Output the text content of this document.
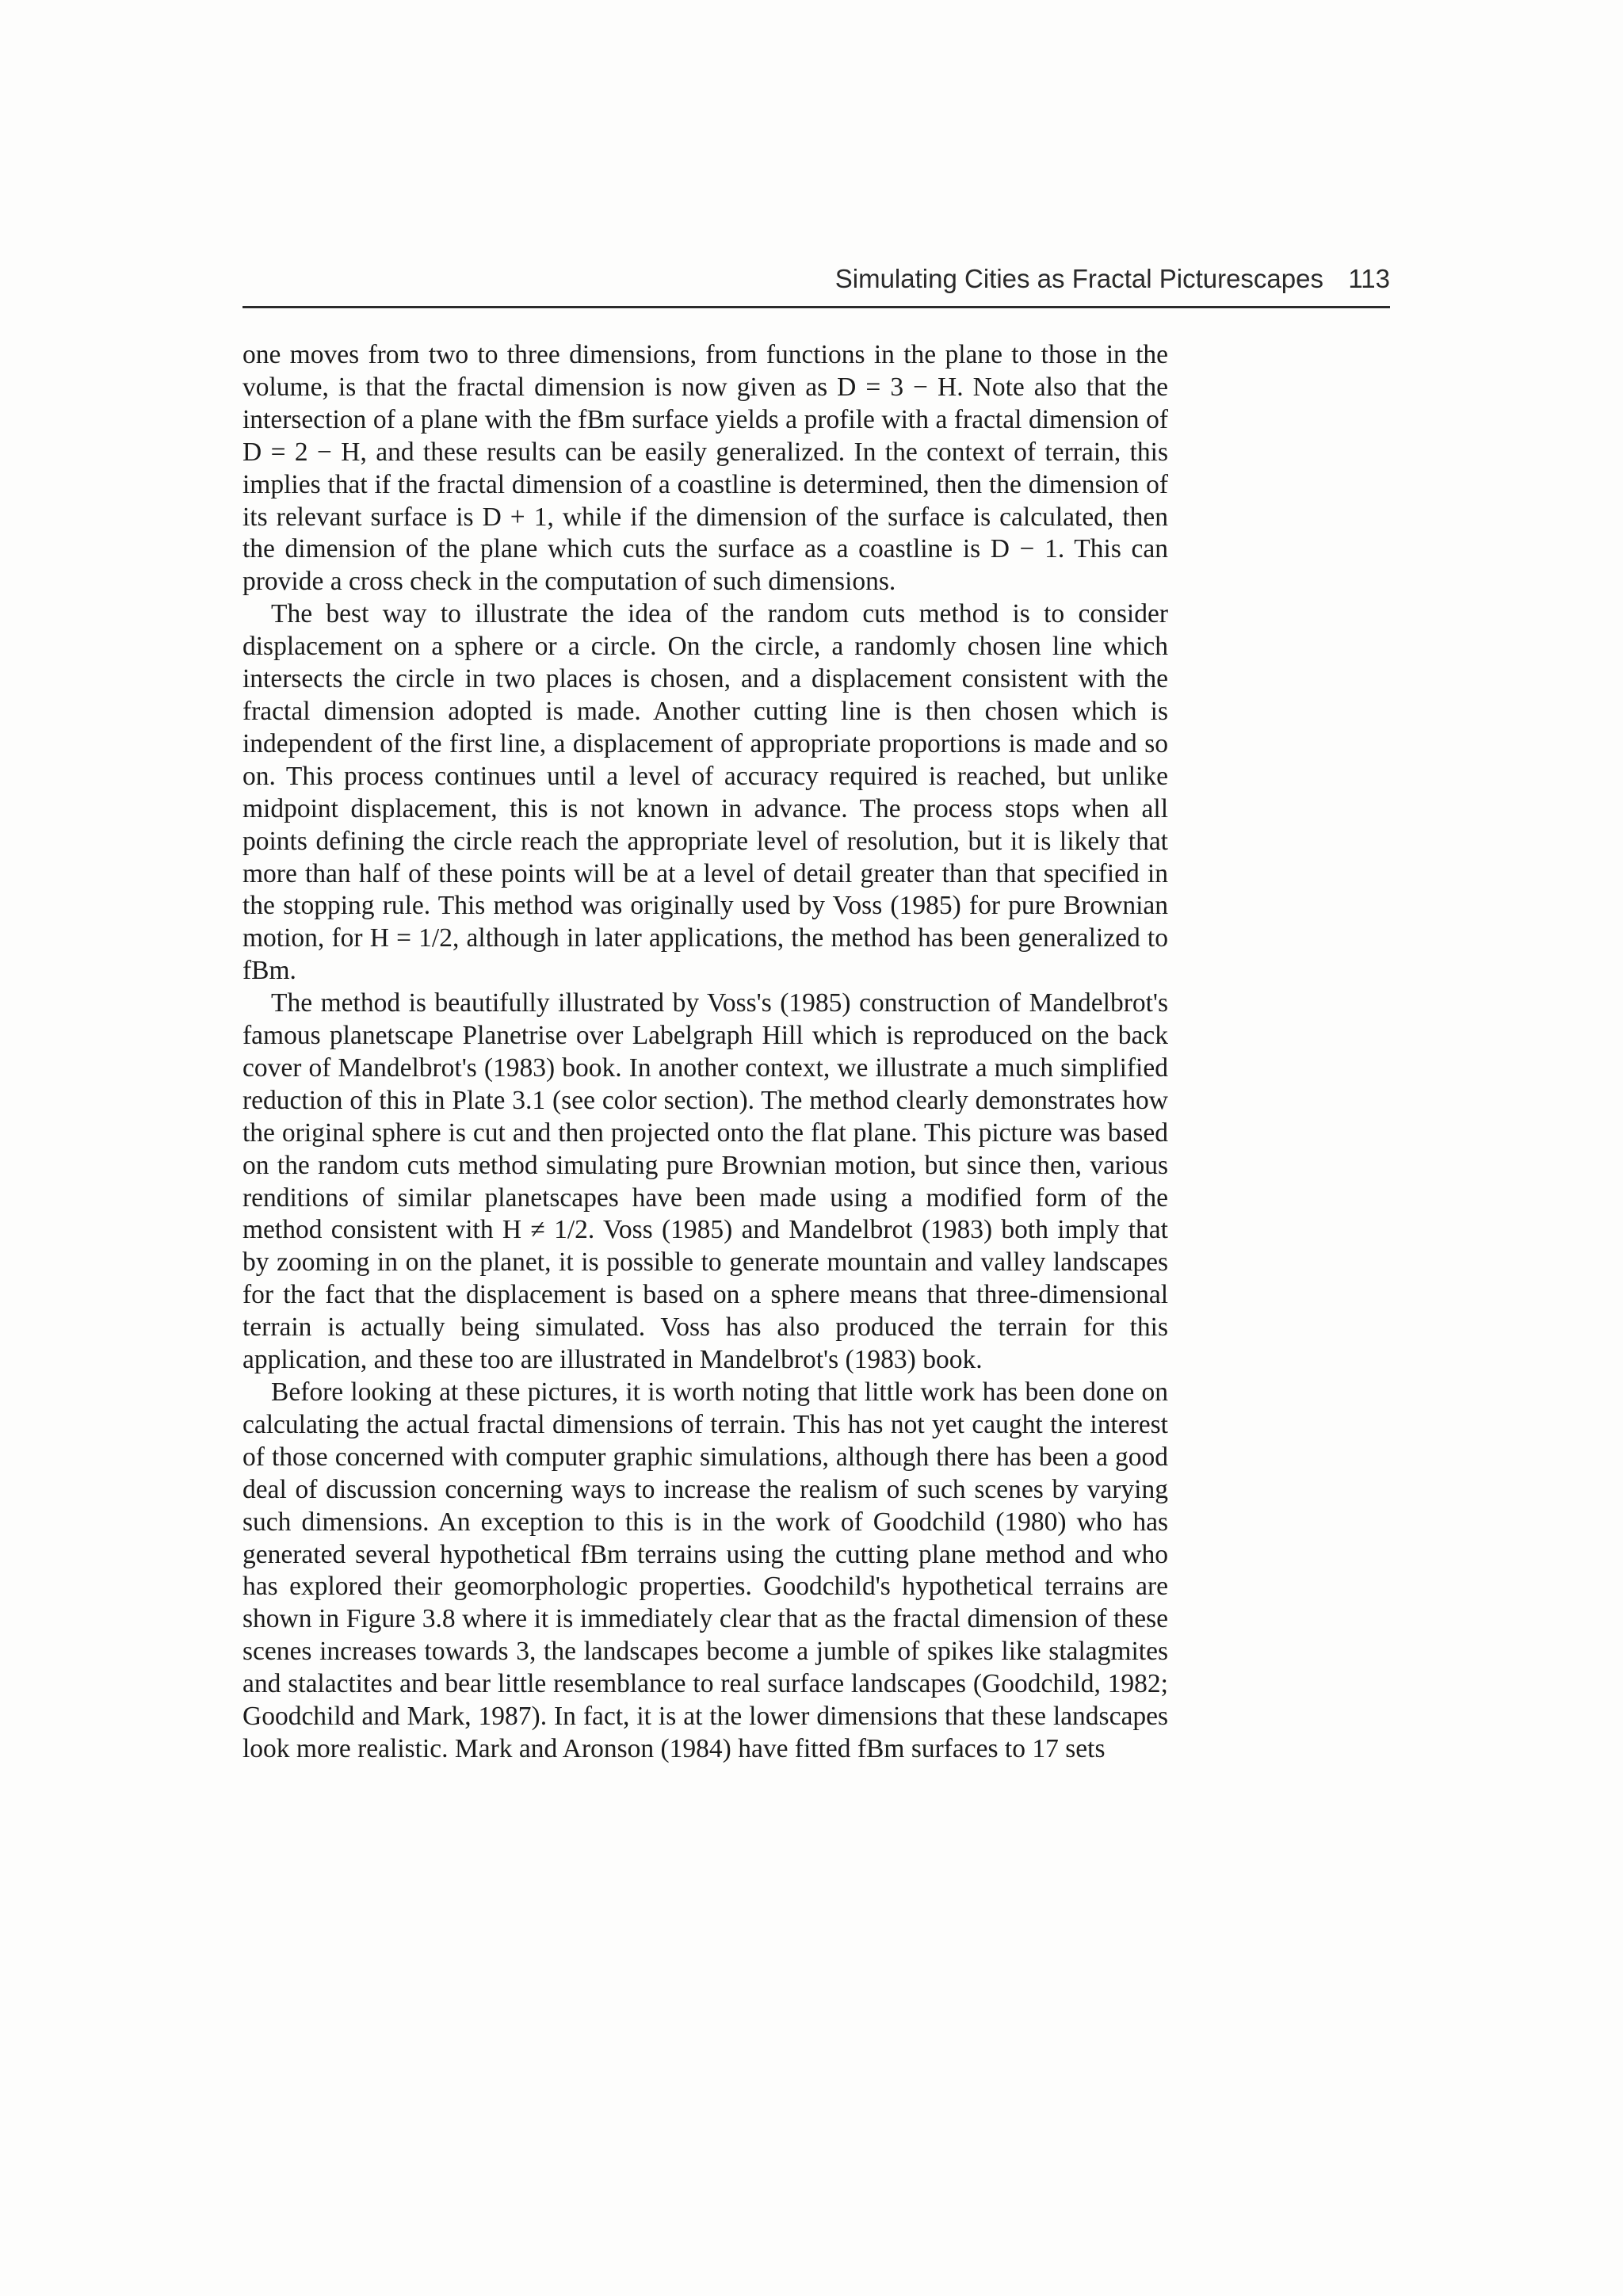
Simulating Cities as Fractal Picturescapes 113

one moves from two to three dimensions, from functions in the plane to those in the volume, is that the fractal dimension is now given as D = 3 − H. Note also that the intersection of a plane with the fBm surface yields a profile with a fractal dimension of D = 2 − H, and these results can be easily generalized. In the context of terrain, this implies that if the fractal dimension of a coastline is determined, then the dimension of its relevant surface is D + 1, while if the dimension of the surface is calculated, then the dimension of the plane which cuts the surface as a coastline is D − 1. This can provide a cross check in the computation of such dimensions.

The best way to illustrate the idea of the random cuts method is to consider displacement on a sphere or a circle. On the circle, a randomly chosen line which intersects the circle in two places is chosen, and a displacement consistent with the fractal dimension adopted is made. Another cutting line is then chosen which is independent of the first line, a displacement of appropriate proportions is made and so on. This process continues until a level of accuracy required is reached, but unlike midpoint displacement, this is not known in advance. The process stops when all points defining the circle reach the appropriate level of resolution, but it is likely that more than half of these points will be at a level of detail greater than that specified in the stopping rule. This method was originally used by Voss (1985) for pure Brownian motion, for H = 1/2, although in later applications, the method has been generalized to fBm.

The method is beautifully illustrated by Voss's (1985) construction of Mandelbrot's famous planetscape Planetrise over Labelgraph Hill which is reproduced on the back cover of Mandelbrot's (1983) book. In another context, we illustrate a much simplified reduction of this in Plate 3.1 (see color section). The method clearly demonstrates how the original sphere is cut and then projected onto the flat plane. This picture was based on the random cuts method simulating pure Brownian motion, but since then, various renditions of similar planetscapes have been made using a modified form of the method consistent with H ≠ 1/2. Voss (1985) and Mandelbrot (1983) both imply that by zooming in on the planet, it is possible to generate mountain and valley landscapes for the fact that the displacement is based on a sphere means that three-dimensional terrain is actually being simulated. Voss has also produced the terrain for this application, and these too are illustrated in Mandelbrot's (1983) book.

Before looking at these pictures, it is worth noting that little work has been done on calculating the actual fractal dimensions of terrain. This has not yet caught the interest of those concerned with computer graphic simulations, although there has been a good deal of discussion concerning ways to increase the realism of such scenes by varying such dimensions. An exception to this is in the work of Goodchild (1980) who has generated several hypothetical fBm terrains using the cutting plane method and who has explored their geomorphologic properties. Goodchild's hypothetical terrains are shown in Figure 3.8 where it is immediately clear that as the fractal dimension of these scenes increases towards 3, the landscapes become a jumble of spikes like stalagmites and stalactites and bear little resemblance to real surface landscapes (Goodchild, 1982; Goodchild and Mark, 1987). In fact, it is at the lower dimensions that these landscapes look more realistic. Mark and Aronson (1984) have fitted fBm surfaces to 17 sets
